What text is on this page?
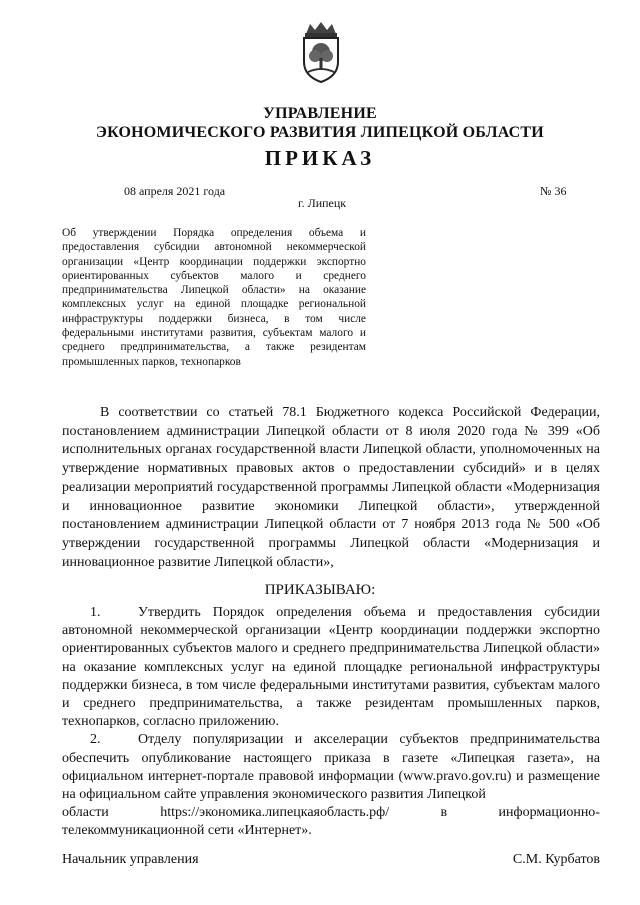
УПРАВЛЕНИЕ
ЭКОНОМИЧЕСКОГО РАЗВИТИЯ ЛИПЕЦКОЙ ОБЛАСТИ
ПРИКАЗ
08 апреля 2021 года	№ 36
г. Липецк
Об утверждении Порядка определения объема и предоставления субсидии автономной некоммерческой организации «Центр координации поддержки экспортно ориентированных субъектов малого и среднего предпринимательства Липецкой области» на оказание комплексных услуг на единой площадке региональной инфраструктуры поддержки бизнеса, в том числе федеральными институтами развития, субъектам малого и среднего предпринимательства, а также резидентам промышленных парков, технопарков

В соответствии со статьей 78.1 Бюджетного кодекса Российской Федерации, постановлением администрации Липецкой области от 8 июля 2020 года № 399 «Об исполнительных органах государственной власти Липецкой области, уполномоченных на утверждение нормативных правовых актов о предоставлении субсидий» и в целях реализации мероприятий государственной программы Липецкой области «Модернизация и инновационное развитие экономики Липецкой области», утвержденной постановлением администрации Липецкой области от 7 ноября 2013 года № 500 «Об утверждении государственной программы Липецкой области «Модернизация и инновационное развитие Липецкой области»,

ПРИКАЗЫВАЮ:

1.	Утвердить Порядок определения объема и предоставления субсидии автономной некоммерческой организации «Центр координации поддержки экспортно ориентированных субъектов малого и среднего предпринимательства Липецкой области» на оказание комплексных услуг на единой площадке региональной инфраструктуры поддержки бизнеса, в том числе федеральными институтами развития, субъектам малого и среднего предпринимательства, а также резидентам промышленных парков, технопарков, согласно приложению.

2.	Отделу популяризации и акселерации субъектов предпринимательства обеспечить опубликование настоящего приказа в газете «Липецкая газета», на официальном интернет-портале правовой информации (www.pravo.gov.ru) и размещение на официальном сайте управления экономического развития Липецкой

области	https://экономика.липецкаяобласть.рф/	в	информационно-
телекоммуникационной сети «Интернет».
Начальник управления	С.М. Курбатов
